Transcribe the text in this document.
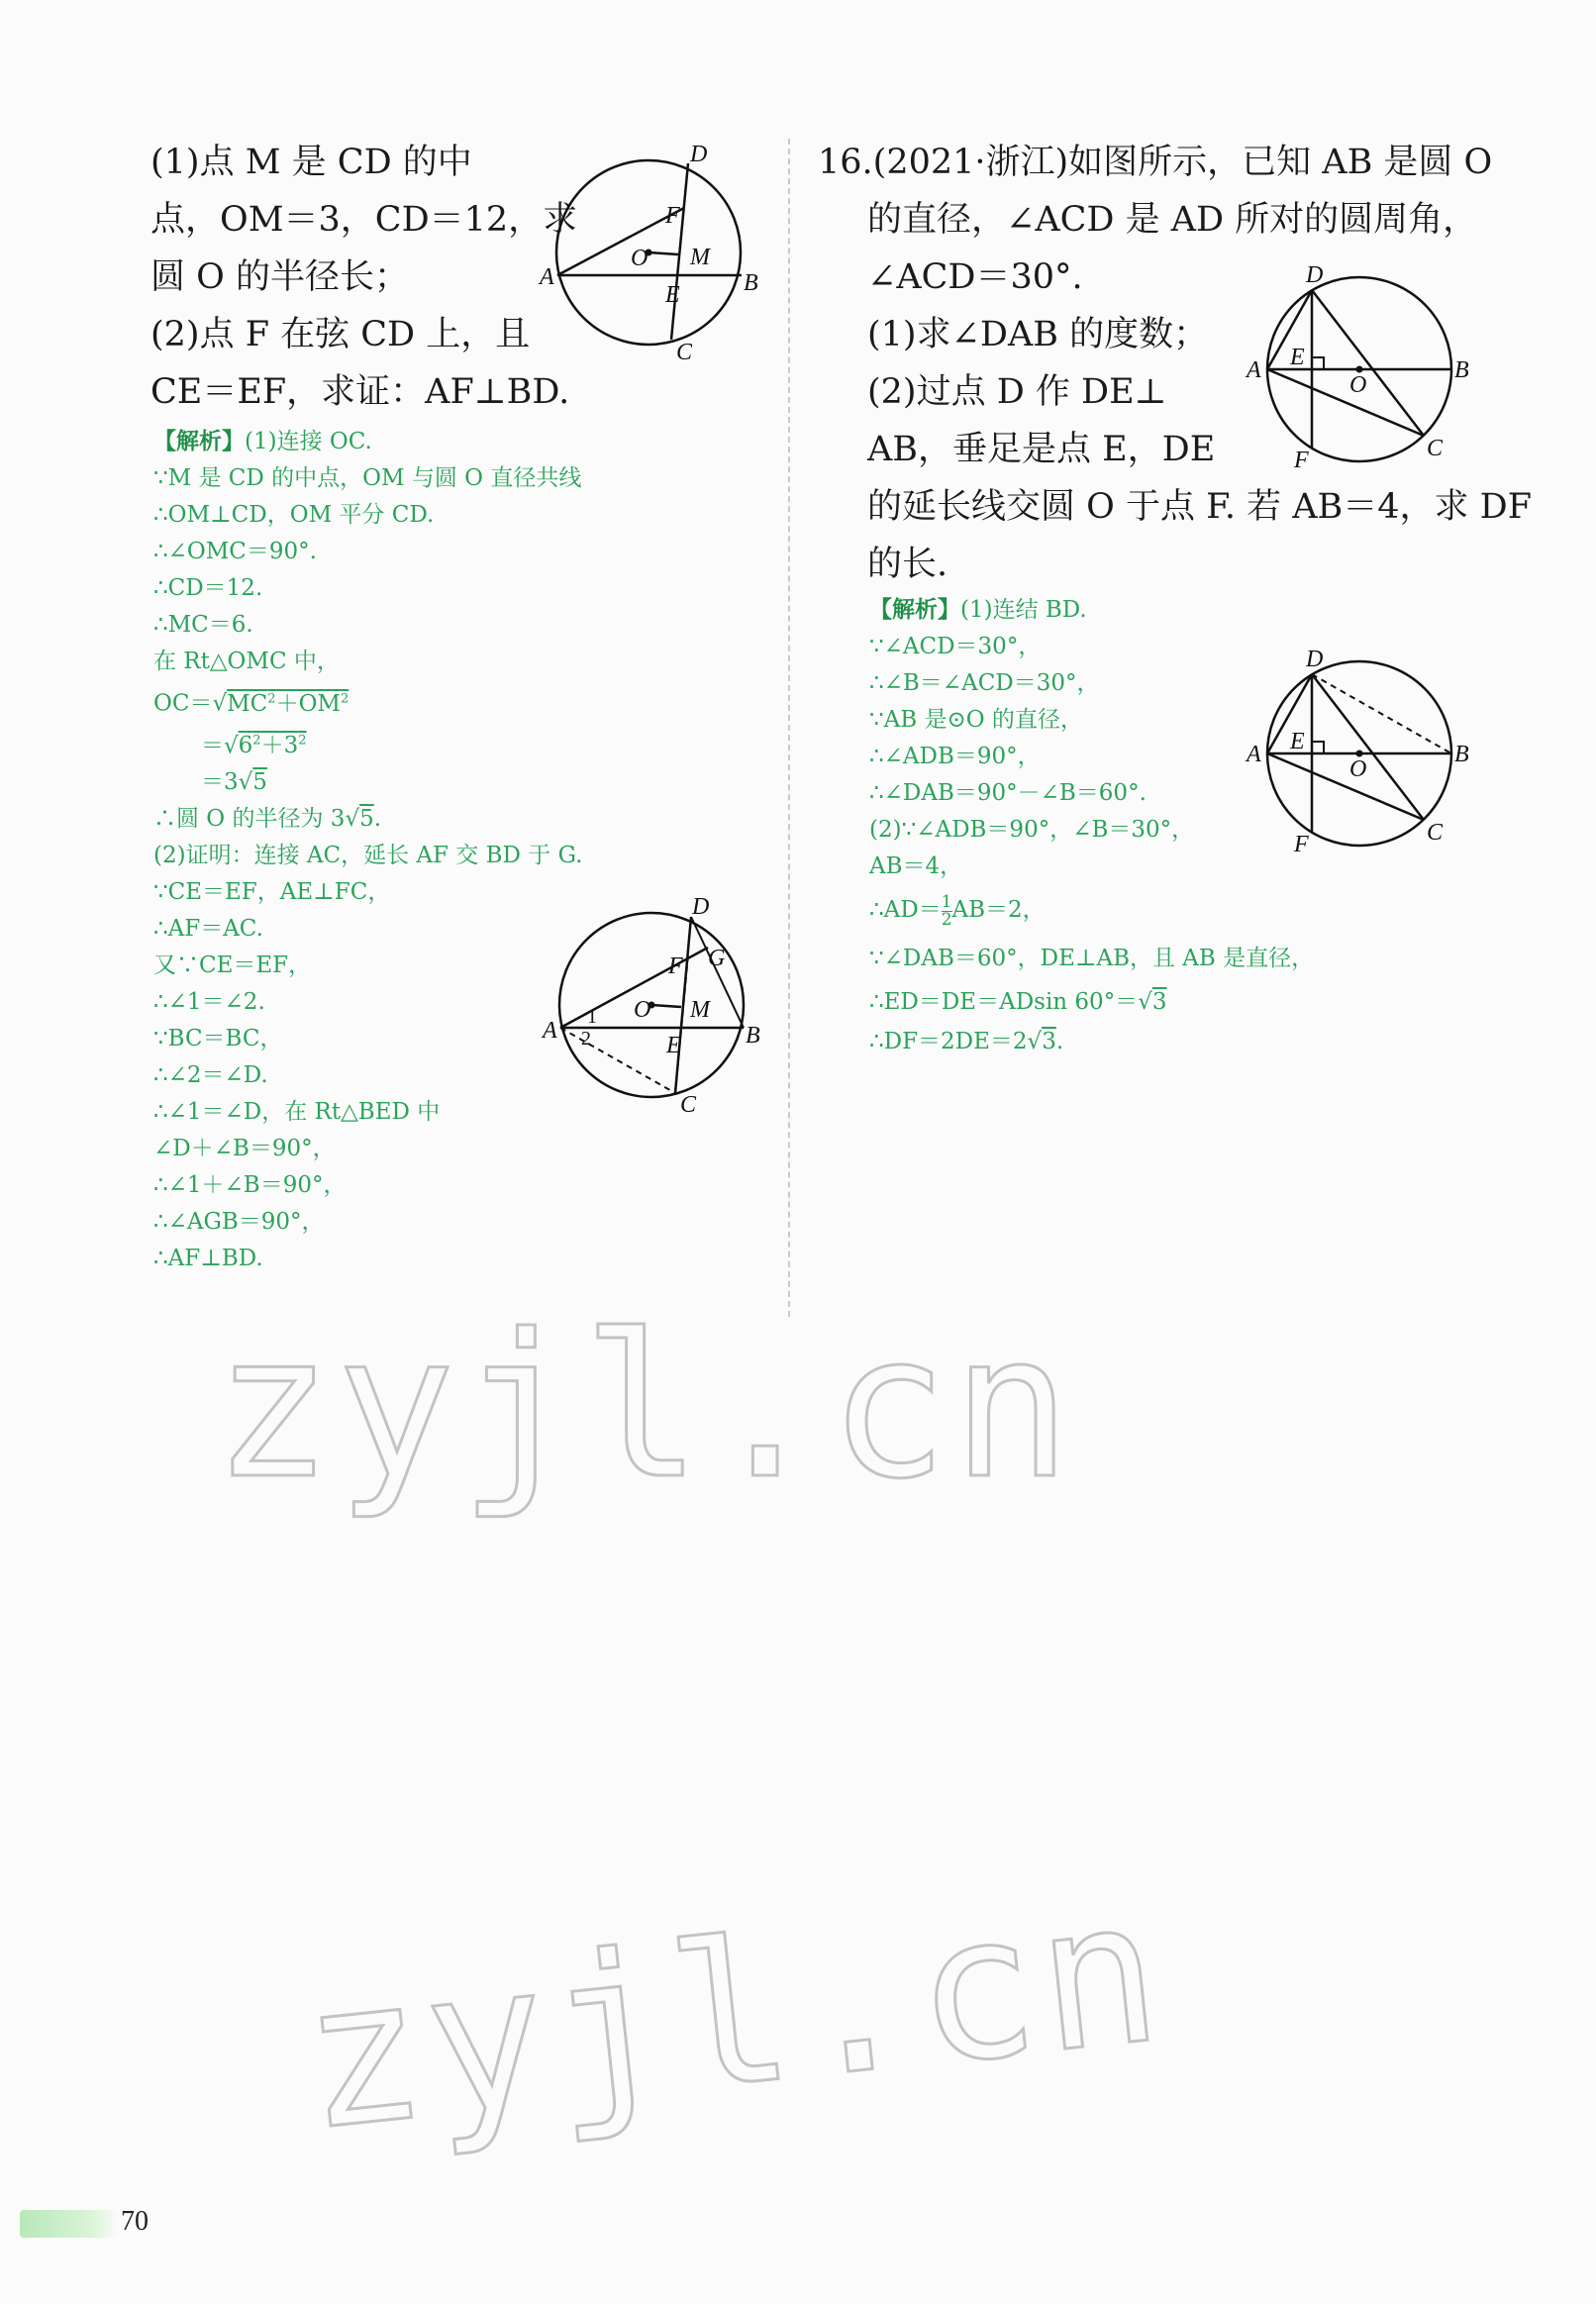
(1)点 M 是 CD 的中

点，OM＝3，CD＝12，求

圆 O 的半径长；

(2)点 F 在弦 CD 上，且

CE＝EF，求证：AF⊥BD.

D
F
O M
A
E	B
C

【解析】(1)连接 OC.

∵M 是 CD 的中点，OM 与圆 O 直径共线

∴OM⊥CD，OM 平分 CD.

∴∠OMC＝90°.

∴CD＝12.

∴MC＝6.

在 Rt△OMC 中，

$OC=√MC^2+OM^2$

$=√6^2+3^2$

＝3√5

∴圆 O 的半径为 3√5.

(2)证明：连接 AC，延长 AF 交 BD 于 G.

∵CE＝EF，AE⊥FC，

∴AF＝AC.

又∵CE＝EF，

∴∠1＝∠2.

∵BC＝BC，

∴∠2＝∠D.

∴∠1＝∠D，在 Rt△BED 中

∠D＋∠B＝90°，

∴∠1＋∠B＝90°，

∴∠AGB＝90°，

∴AF⊥BD.

D
F G
O M
A
1
2	E	B
C

16.(2021·浙江)如图所示，已知 AB 是圆 O

的直径，∠ACD 是 AD 所对的圆周角，

∠ACD＝30°.

(1)求∠DAB 的度数；

(2)过点 D 作 DE⊥

AB，垂足是点 E，DE

的延长线交圆 O 于点 F. 若 AB＝4，求 DF

的长.

D
A E
O
B
F	C

【解析】(1)连结 BD.

∵∠ACD＝30°，

∴∠B＝∠ACD＝30°，

∵AB 是⊙O 的直径，

∴∠ADB＝90°，

∴∠DAB＝90°－∠B＝60°.

(2)∵∠ADB＝90°，∠B＝30°，

AB＝4，

∴AD＝ $\frac{1}{2} AB=2$，

∵∠DAB＝60°，DE⊥AB，且 AB 是直径，

∴ED＝DE＝ADsin 60°＝√3

∴DF＝2DE＝2√3.

D
A E
O
B
F	C
zyjl.cn
zyjl.cn
70
